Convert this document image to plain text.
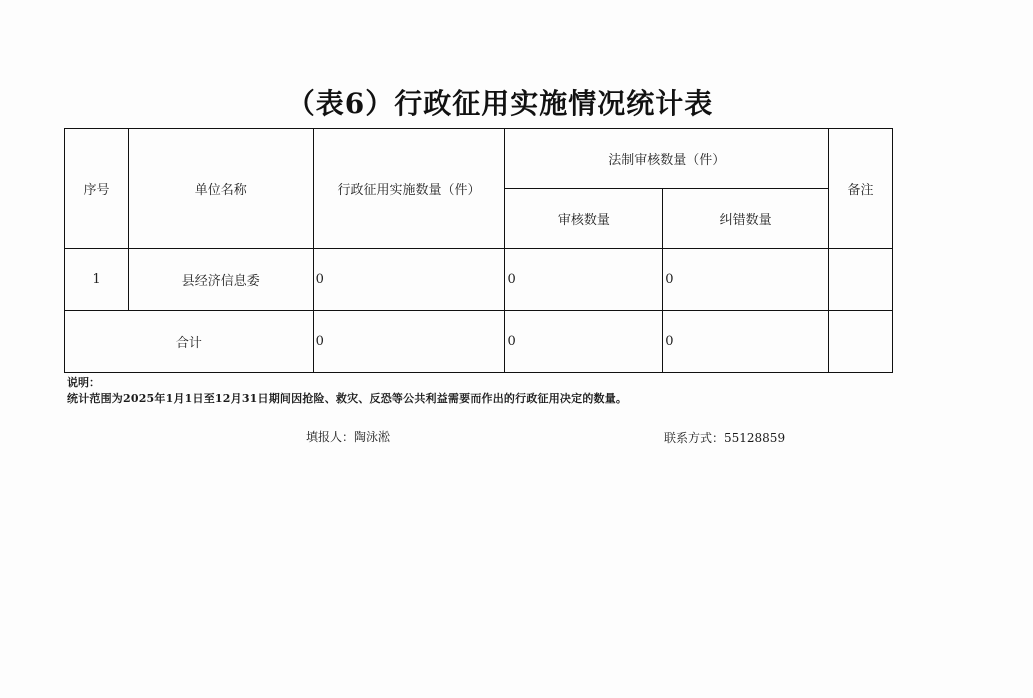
（表6）行政征用实施情况统计表
序号	单位名称	行政征用实施数量（件）	法制审核数量（件）		备注
			审核数量	纠错数量	
1	县经济信息委	0	0	0	
合计		0	0	0	
说明：
统计范围为2025年1月1日至12月31日期间因抢险、救灾、反恐等公共利益需要而作出的行政征用决定的数量。
填报人：陶泳淞	联系方式：55128859
